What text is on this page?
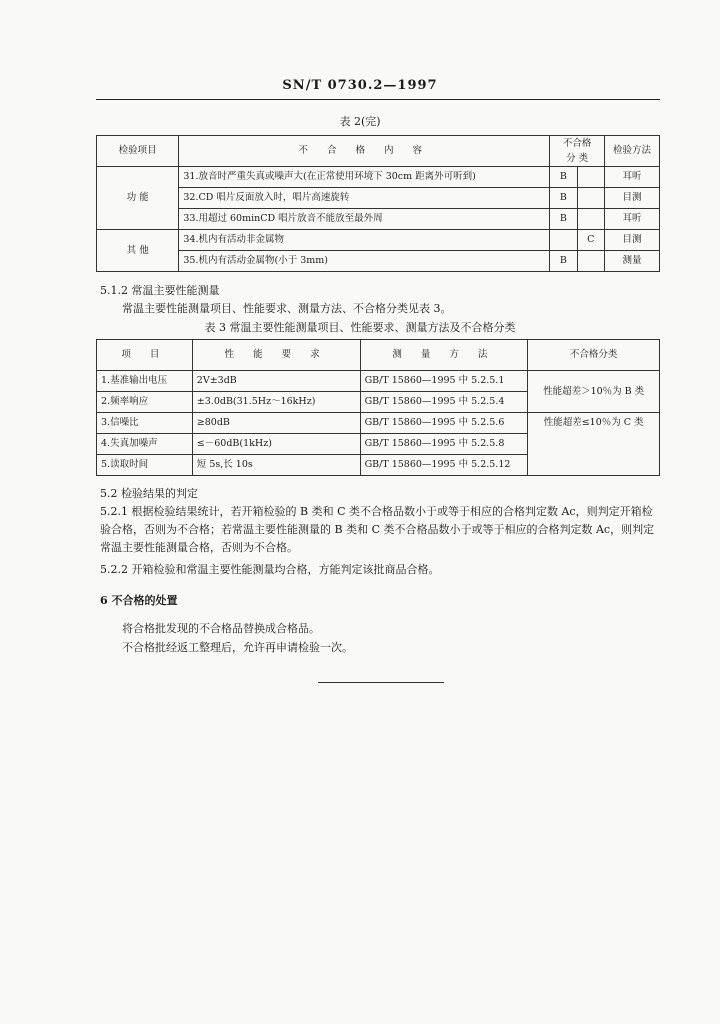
SN/T 0730.2—1997
表 2(完)
检验项目	不 合 格 内 容	不合格		检验方法
		分 类		
功 能	31.放音时严重失真或噪声大(在正常使用环境下 30cm 距离外可听到)	B		耳听
	32.CD 唱片反面放入时，唱片高速旋转	B		目测
	33.用超过 60minCD 唱片放音不能放至最外周	B		耳听
其 他	34.机内有活动非金属物		C	目测
	35.机内有活动金属物(小于 3mm)	B		测量
5.1.2 常温主要性能测量
常温主要性能测量项目、性能要求、测量方法、不合格分类见表 3。
表 3 常温主要性能测量项目、性能要求、测量方法及不合格分类
项 目	性 能 要 求	测 量 方 法	不合格分类
1.基准输出电压	2V±3dB	GB/T 15860—1995 中 5.2.5.1	性能超差＞10％为 B 类
2.频率响应	±3.0dB(31.5Hz～16kHz)	GB/T 15860—1995 中 5.2.5.4	
3.信噪比	≥80dB	GB/T 15860—1995 中 5.2.5.6	性能超差≤10％为 C 类
4.失真加噪声	≤－60dB(1kHz)	GB/T 15860—1995 中 5.2.5.8	
5.读取时间	短 5s,长 10s	GB/T 15860—1995 中 5.2.5.12	
5.2 检验结果的判定
5.2.1 根据检验结果统计，若开箱检验的 B 类和 C 类不合格品数小于或等于相应的合格判定数 Ac，则判定开箱检验合格，否则为不合格；若常温主要性能测量的 B 类和 C 类不合格品数小于或等于相应的合格判定数 Ac，则判定常温主要性能测量合格，否则为不合格。
5.2.2 开箱检验和常温主要性能测量均合格，方能判定该批商品合格。
6 不合格的处置
将合格批发现的不合格品替换成合格品。
不合格批经返工整理后，允许再申请检验一次。
